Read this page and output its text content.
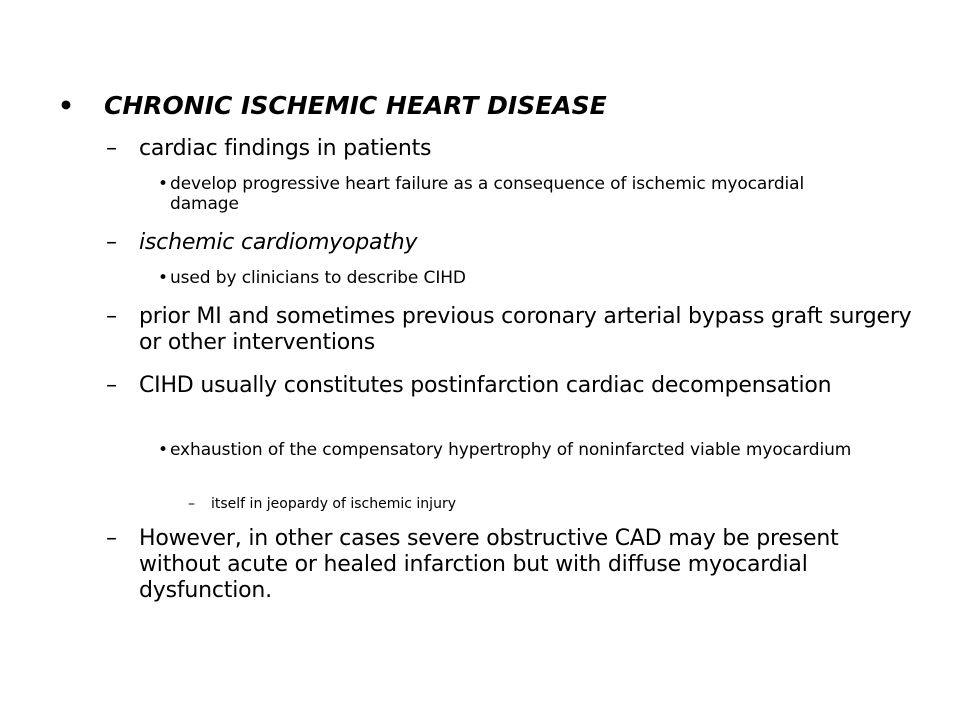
• CHRONIC ISCHEMIC HEART DISEASE
– cardiac findings in patients
• develop progressive heart failure as a consequence of ischemic myocardial damage
– ischemic cardiomyopathy
• used by clinicians to describe CIHD
– prior MI and sometimes previous coronary arterial bypass graft surgery or other interventions
– CIHD usually constitutes postinfarction cardiac decompensation
• exhaustion of the compensatory hypertrophy of noninfarcted viable myocardium
– itself in jeopardy of ischemic injury
– However, in other cases severe obstructive CAD may be present without acute or healed infarction but with diffuse myocardial dysfunction.
